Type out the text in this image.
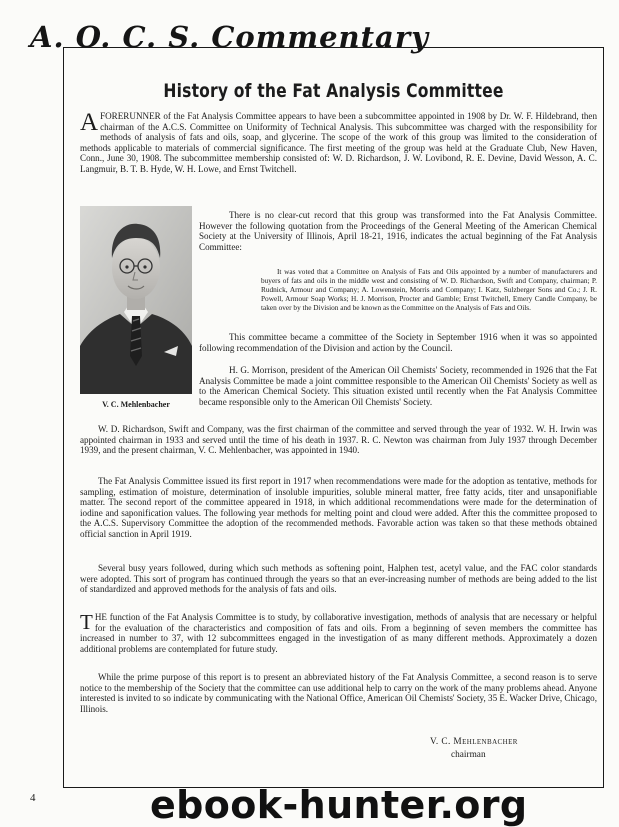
A. O. C. S. Commentary
History of the Fat Analysis Committee

AFORERUNNER of the Fat Analysis Committee appears to have been a subcommittee appointed in 1908 by Dr. W. F. Hildebrand, then chairman of the A.C.S. Committee on Uniformity of Technical Analysis. This subcommittee was charged with the responsibility for methods of analysis of fats and oils, soap, and glycerine. The scope of the work of this group was limited to the consideration of methods applicable to materials of commercial significance. The first meeting of the group was held at the Graduate Club, New Haven, Conn., June 30, 1908. The subcommittee membership consisted of: W. D. Richardson, J. W. Lovibond, R. E. Devine, David Wesson, A. C. Langmuir, B. T. B. Hyde, W. H. Lowe, and Ernst Twitchell.

V. C. Mehlenbacher

There is no clear-cut record that this group was transformed into the Fat Analysis Committee. However the following quotation from the Proceedings of the General Meeting of the American Chemical Society at the University of Illinois, April 18-21, 1916, indicates the actual beginning of the Fat Analysis Committee:

It was voted that a Committee on Analysis of Fats and Oils appointed by a number of manufacturers and buyers of fats and oils in the middle west and consisting of W. D. Richardson, Swift and Company, chairman; P. Rudnick, Armour and Company; A. Lowenstein, Morris and Company; I. Katz, Sulzberger Sons and Co.; J. R. Powell, Armour Soap Works; H. J. Morrison, Procter and Gamble; Ernst Twitchell, Emery Candle Company, be taken over by the Division and be known as the Committee on the Analysis of Fats and Oils.

This committee became a committee of the Society in September 1916 when it was so appointed following recommendation of the Division and action by the Council.

H. G. Morrison, president of the American Oil Chemists' Society, recommended in 1926 that the Fat Analysis Committee be made a joint committee responsible to the American Oil Chemists' Society as well as to the American Chemical Society. This situation existed until recently when the Fat Analysis Committee became responsible only to the American Oil Chemists' Society.

W. D. Richardson, Swift and Company, was the first chairman of the committee and served through the year of 1932. W. H. Irwin was appointed chairman in 1933 and served until the time of his death in 1937. R. C. Newton was chairman from July 1937 through December 1939, and the present chairman, V. C. Mehlenbacher, was appointed in 1940.

The Fat Analysis Committee issued its first report in 1917 when recommendations were made for the adoption as tentative, methods for sampling, estimation of moisture, determination of insoluble impurities, soluble mineral matter, free fatty acids, titer and unsaponifiable matter. The second report of the committee appeared in 1918, in which additional recommendations were made for the determination of iodine and saponification values. The following year methods for melting point and cloud were added. After this the committee proposed to the A.C.S. Supervisory Committee the adoption of the recommended methods. Favorable action was taken so that these methods obtained official sanction in April 1919.

Several busy years followed, during which such methods as softening point, Halphen test, acetyl value, and the FAC color standards were adopted. This sort of program has continued through the years so that an ever-increasing number of methods are being added to the list of standardized and approved methods for the analysis of fats and oils.

THE function of the Fat Analysis Committee is to study, by collaborative investigation, methods of analysis that are necessary or helpful for the evaluation of the characteristics and composition of fats and oils. From a beginning of seven members the committee has increased in number to 37, with 12 subcommittees engaged in the investigation of as many different methods. Approximately a dozen additional problems are contemplated for future study.

While the prime purpose of this report is to present an abbreviated history of the Fat Analysis Committee, a second reason is to serve notice to the membership of the Society that the committee can use additional help to carry on the work of the many problems ahead. Anyone interested is invited to so indicate by communicating with the National Office, American Oil Chemists' Society, 35 E. Wacker Drive, Chicago, Illinois.

V. C. Mehlenbacher
chairman
4	ebook-hunter.org
